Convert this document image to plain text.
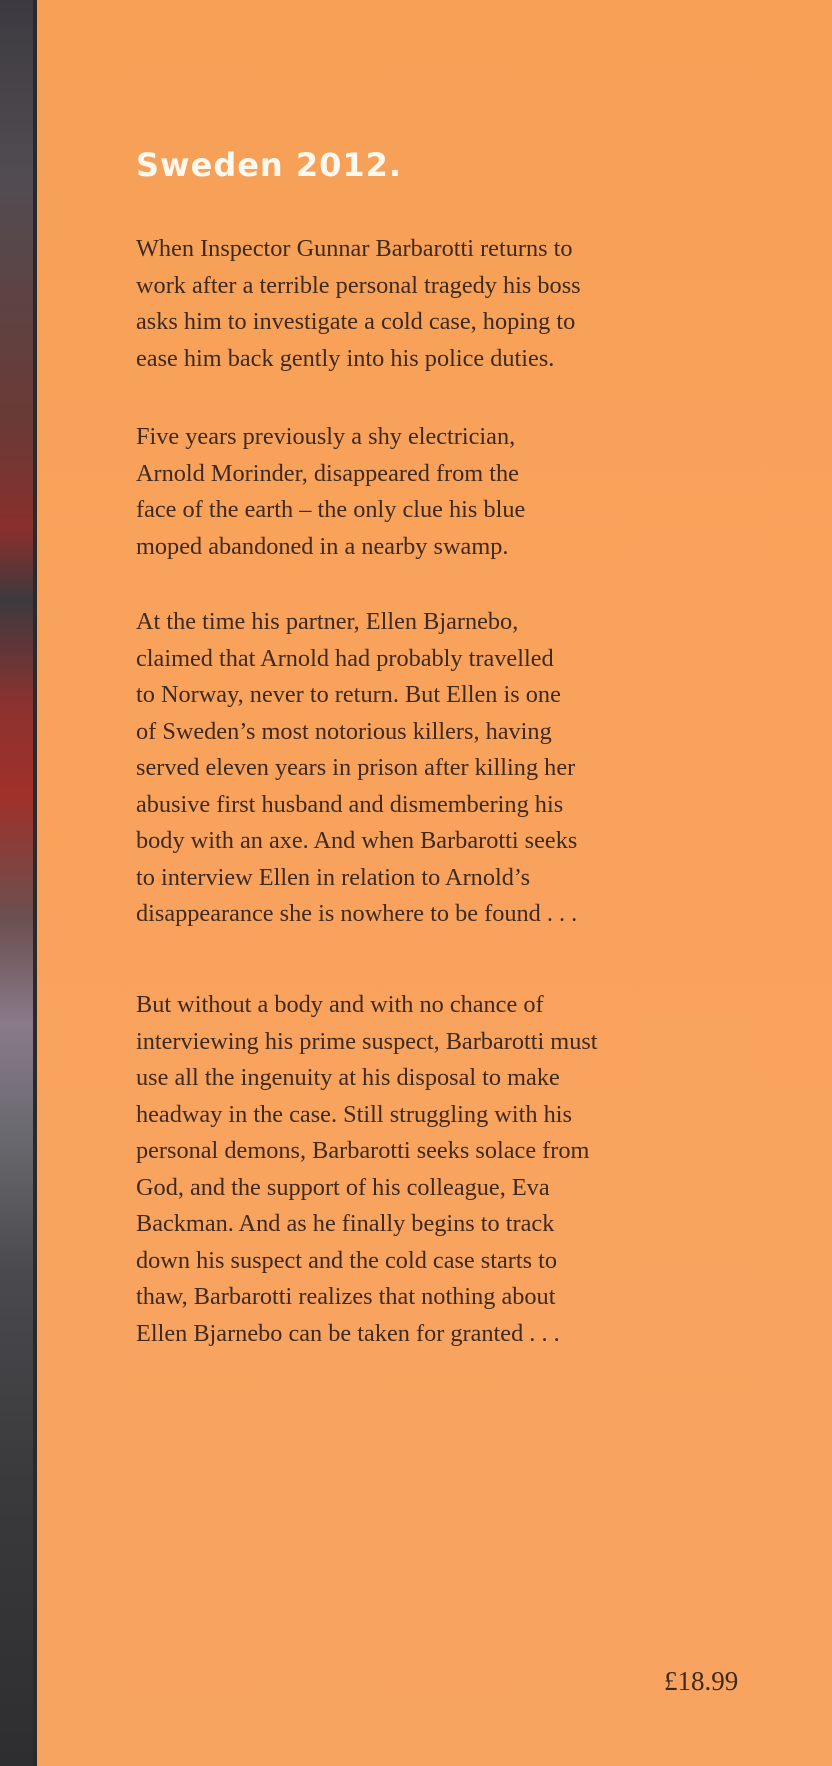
Sweden 2012.

When Inspector Gunnar Barbarotti returns to
work after a terrible personal tragedy his boss
asks him to investigate a cold case, hoping to
ease him back gently into his police duties.

Five years previously a shy electrician,
Arnold Morinder, disappeared from the
face of the earth – the only clue his blue
moped abandoned in a nearby swamp.

At the time his partner, Ellen Bjarnebo,
claimed that Arnold had probably travelled
to Norway, never to return. But Ellen is one
of Sweden’s most notorious killers, having
served eleven years in prison after killing her
abusive first husband and dismembering his
body with an axe. And when Barbarotti seeks
to interview Ellen in relation to Arnold’s
disappearance she is nowhere to be found . . .

But without a body and with no chance of
interviewing his prime suspect, Barbarotti must
use all the ingenuity at his disposal to make
headway in the case. Still struggling with his
personal demons, Barbarotti seeks solace from
God, and the support of his colleague, Eva
Backman. And as he finally begins to track
down his suspect and the cold case starts to
thaw, Barbarotti realizes that nothing about
Ellen Bjarnebo can be taken for granted . . .

£18.99
